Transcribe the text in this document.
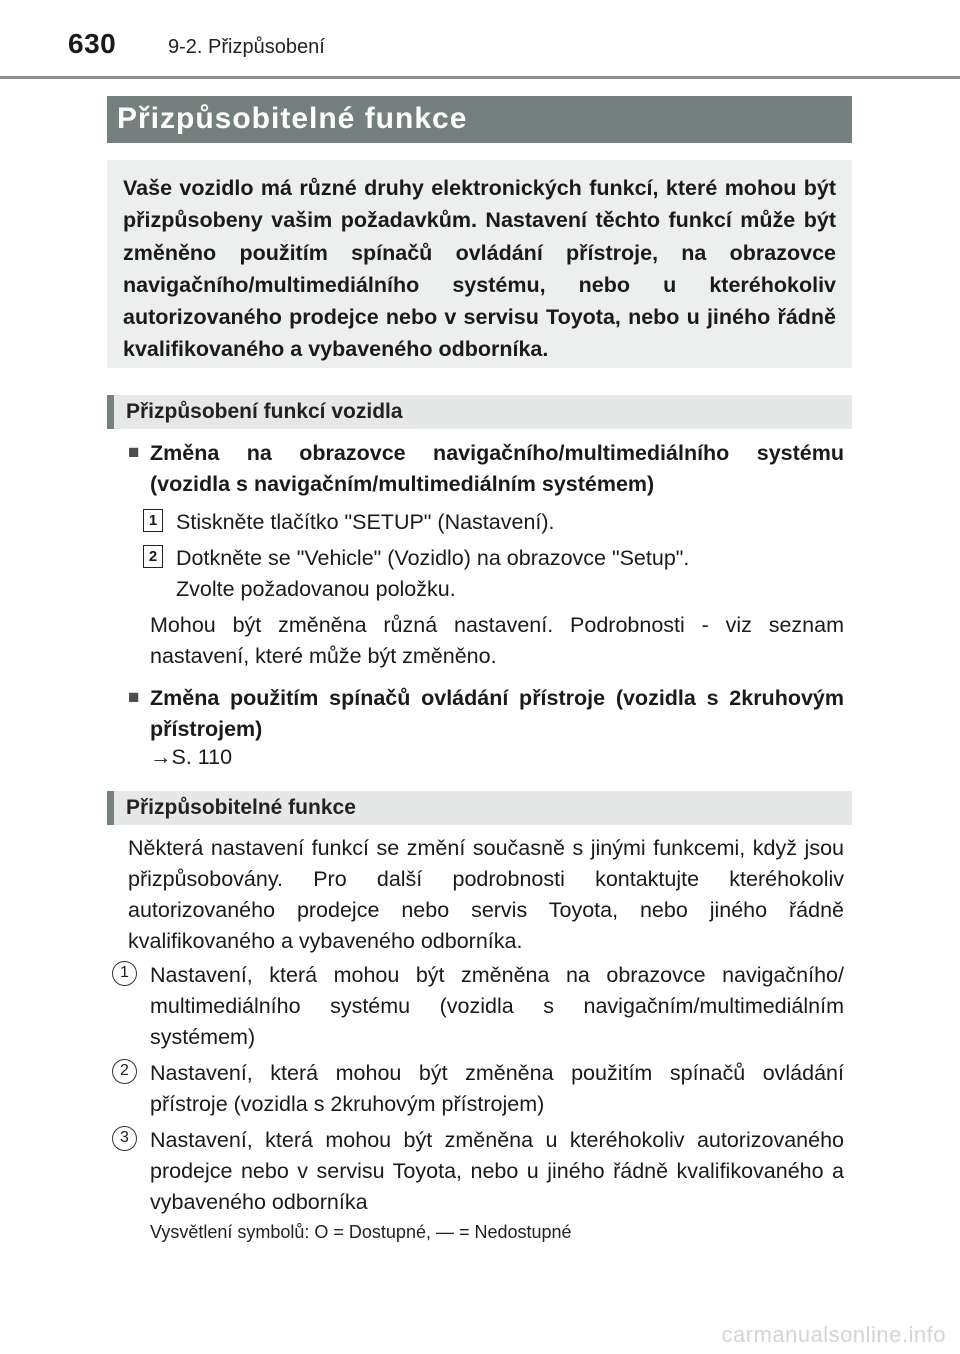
630	9-2. Přizpůsobení
Přizpůsobitelné funkce

Vaše vozidlo má různé druhy elektronických funkcí, které mohou být přizpůsobeny vašim požadavkům. Nastavení těchto funkcí může být změněno použitím spínačů ovládání přístroje, na obrazovce navigačního/multimediálního systému, nebo u kteréhokoliv autorizovaného prodejce nebo v servisu Toyota, nebo u jiného řádně kvalifikovaného a vybaveného odborníka.

Přizpůsobení funkcí vozidla
■ Změna na obrazovce navigačního/multimediálního systému (vozidla s navigačním/multimediálním systémem)

1 Stiskněte tlačítko "SETUP" (Nastavení).

2 Dotkněte se "Vehicle" (Vozidlo) na obrazovce "Setup".

Zvolte požadovanou položku.

Mohou být změněna různá nastavení. Podrobnosti - viz seznam nastavení, které může být změněno.

■ Změna použitím spínačů ovládání přístroje (vozidla s 2kruhovým přístrojem)

→S. 110

Přizpůsobitelné funkce

Některá nastavení funkcí se změní současně s jinými funkcemi, když jsou přizpůsobovány. Pro další podrobnosti kontaktujte kteréhokoliv autorizovaného prodejce nebo servis Toyota, nebo jiného řádně kvalifikovaného a vybaveného odborníka.

1 Nastavení, která mohou být změněna na obrazovce navigačního/ multimediálního systému (vozidla s navigačním/multimediálním systémem)

2 Nastavení, která mohou být změněna použitím spínačů ovládání přístroje (vozidla s 2kruhovým přístrojem)

3 Nastavení, která mohou být změněna u kteréhokoliv autorizovaného prodejce nebo v servisu Toyota, nebo u jiného řádně kvalifikovaného a vybaveného odborníka

Vysvětlení symbolů: O = Dostupné, — = Nedostupné

carmanualsonline.info
